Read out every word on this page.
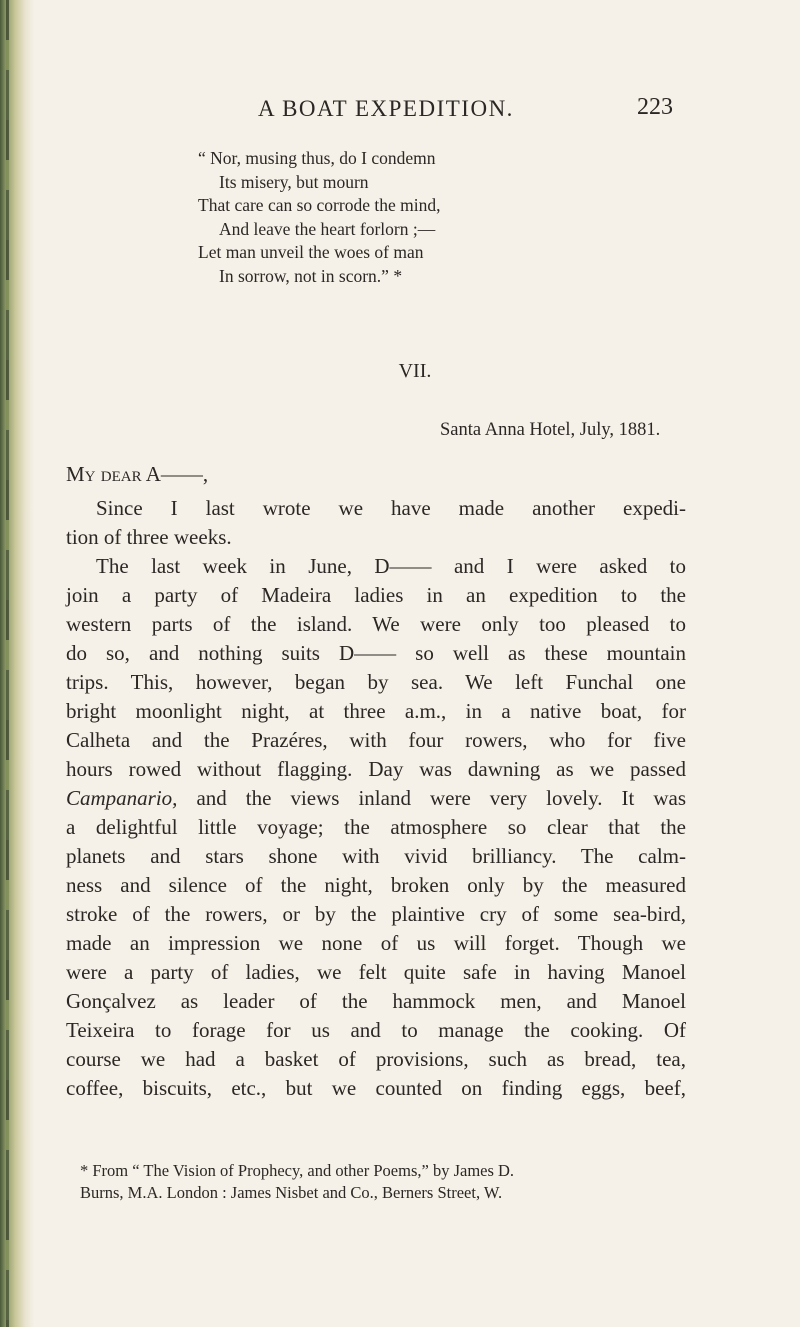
A BOAT EXPEDITION.	223
“ Nor, musing thus, do I condemn
Its misery, but mourn
That care can so corrode the mind,
And leave the heart forlorn ;—
Let man unveil the woes of man
In sorrow, not in scorn.” *
VII.
Santa Anna Hotel, July, 1881.
My dear A——,
Since I last wrote we have made another expedi-
tion of three weeks.
The last week in June, D—— and I were asked to
join a party of Madeira ladies in an expedition to the
western parts of the island. We were only too pleased to
do so, and nothing suits D—— so well as these mountain
trips. This, however, began by sea. We left Funchal one
bright moonlight night, at three a.m., in a native boat, for
Calheta and the Prazéres, with four rowers, who for five
hours rowed without flagging. Day was dawning as we passed
Campanario, and the views inland were very lovely. It was
a delightful little voyage; the atmosphere so clear that the
planets and stars shone with vivid brilliancy. The calm-
ness and silence of the night, broken only by the measured
stroke of the rowers, or by the plaintive cry of some sea-bird,
made an impression we none of us will forget. Though we
were a party of ladies, we felt quite safe in having Manoel
Gonçalvez as leader of the hammock men, and Manoel
Teixeira to forage for us and to manage the cooking. Of
course we had a basket of provisions, such as bread, tea,
coffee, biscuits, etc., but we counted on finding eggs, beef,
* From “ The Vision of Prophecy, and other Poems,” by James D.
Burns, M.A. London : James Nisbet and Co., Berners Street, W.
